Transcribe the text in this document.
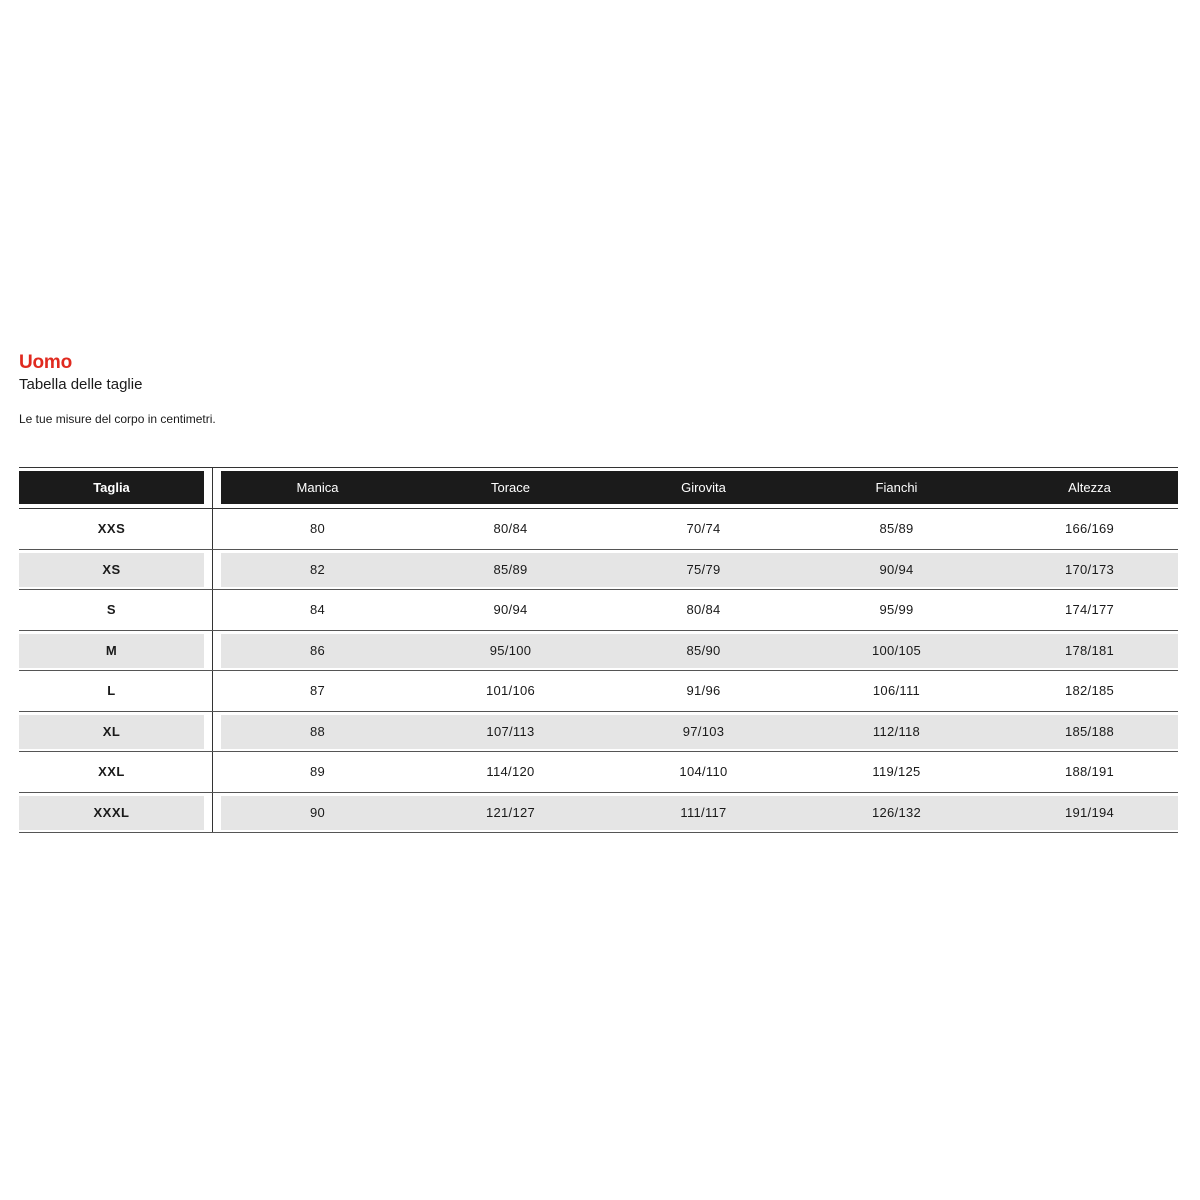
Uomo
Tabella delle taglie
Le tue misure del corpo in centimetri.
Taglia	Manica	Torace	Girovita	Fianchi	Altezza
XXS	80	80/84	70/74	85/89	166/169
XS	82	85/89	75/79	90/94	170/173
S	84	90/94	80/84	95/99	174/177
M	86	95/100	85/90	100/105	178/181
L	87	101/106	91/96	106/111	182/185
XL	88	107/113	97/103	112/118	185/188
XXL	89	114/120	104/110	119/125	188/191
XXXL	90	121/127	111/117	126/132	191/194
